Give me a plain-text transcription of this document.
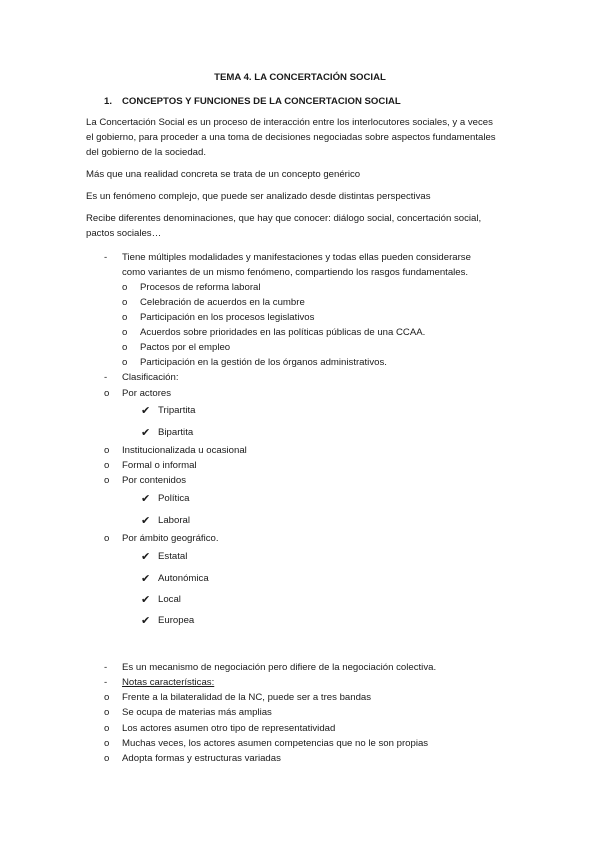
TEMA 4. LA CONCERTACIÓN SOCIAL
1. CONCEPTOS Y FUNCIONES DE LA CONCERTACION SOCIAL
La Concertación Social es un proceso de interacción entre los interlocutores sociales, y a veces
el gobierno, para proceder a una toma de decisiones negociadas sobre aspectos fundamentales
del gobierno de la sociedad.
Más que una realidad concreta se trata de un concepto genérico
Es un fenómeno complejo, que puede ser analizado desde distintas perspectivas
Recibe diferentes denominaciones, que hay que conocer: diálogo social, concertación social,
pactos sociales…
- Tiene múltiples modalidades y manifestaciones y todas ellas pueden considerarse
como variantes de un mismo fenómeno, compartiendo los rasgos fundamentales.
o Procesos de reforma laboral
o Celebración de acuerdos en la cumbre
o Participación en los procesos legislativos
o Acuerdos sobre prioridades en las políticas públicas de una CCAA.
o Pactos por el empleo
o Participación en la gestión de los órganos administrativos.
- Clasificación:
o Por actores
✔ Tripartita
✔ Bipartita
o Institucionalizada u ocasional
o Formal o informal
o Por contenidos
✔ Política
✔ Laboral
o Por ámbito geográfico.
✔ Estatal
✔ Autonómica
✔ Local
✔ Europea
- Es un mecanismo de negociación pero difiere de la negociación colectiva.
- Notas características:
o Frente a la bilateralidad de la NC, puede ser a tres bandas
o Se ocupa de materias más amplias
o Los actores asumen otro tipo de representatividad
o Muchas veces, los actores asumen competencias que no le son propias
o Adopta formas y estructuras variadas
